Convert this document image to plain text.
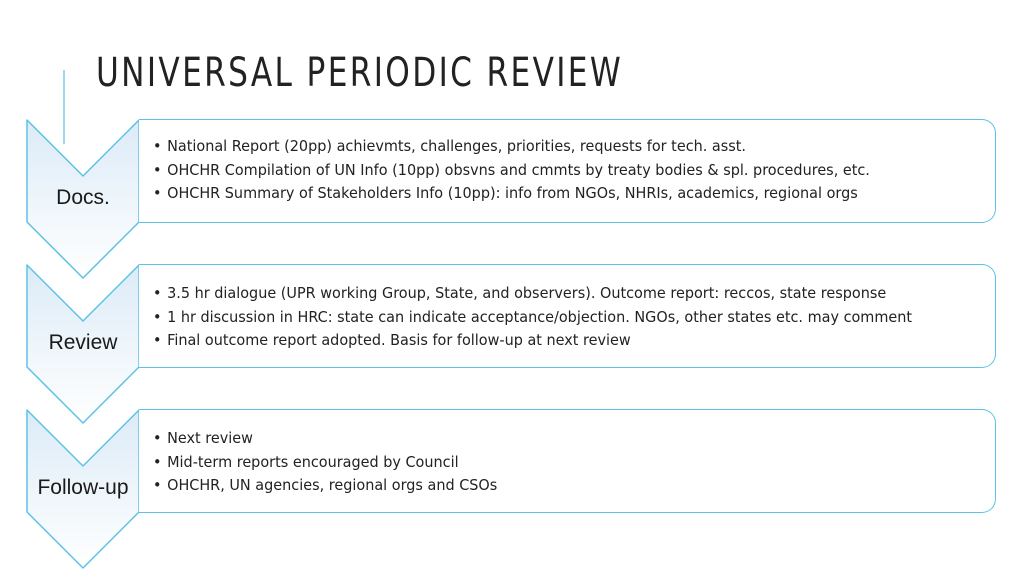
UNIVERSAL PERIODIC REVIEW
Docs.
Review
Follow-up
• National Report (20pp) achievmts, challenges, priorities, requests for tech. asst.
• OHCHR Compilation of UN Info (10pp) obsvns and cmmts by treaty bodies & spl. procedures, etc.
• OHCHR Summary of Stakeholders Info (10pp): info from NGOs, NHRIs, academics, regional orgs
• 3.5 hr dialogue (UPR working Group, State, and observers). Outcome report: reccos, state response
• 1 hr discussion in HRC: state can indicate acceptance/objection. NGOs, other states etc. may comment
• Final outcome report adopted. Basis for follow-up at next review
• Next review
• Mid-term reports encouraged by Council
• OHCHR, UN agencies, regional orgs and CSOs
